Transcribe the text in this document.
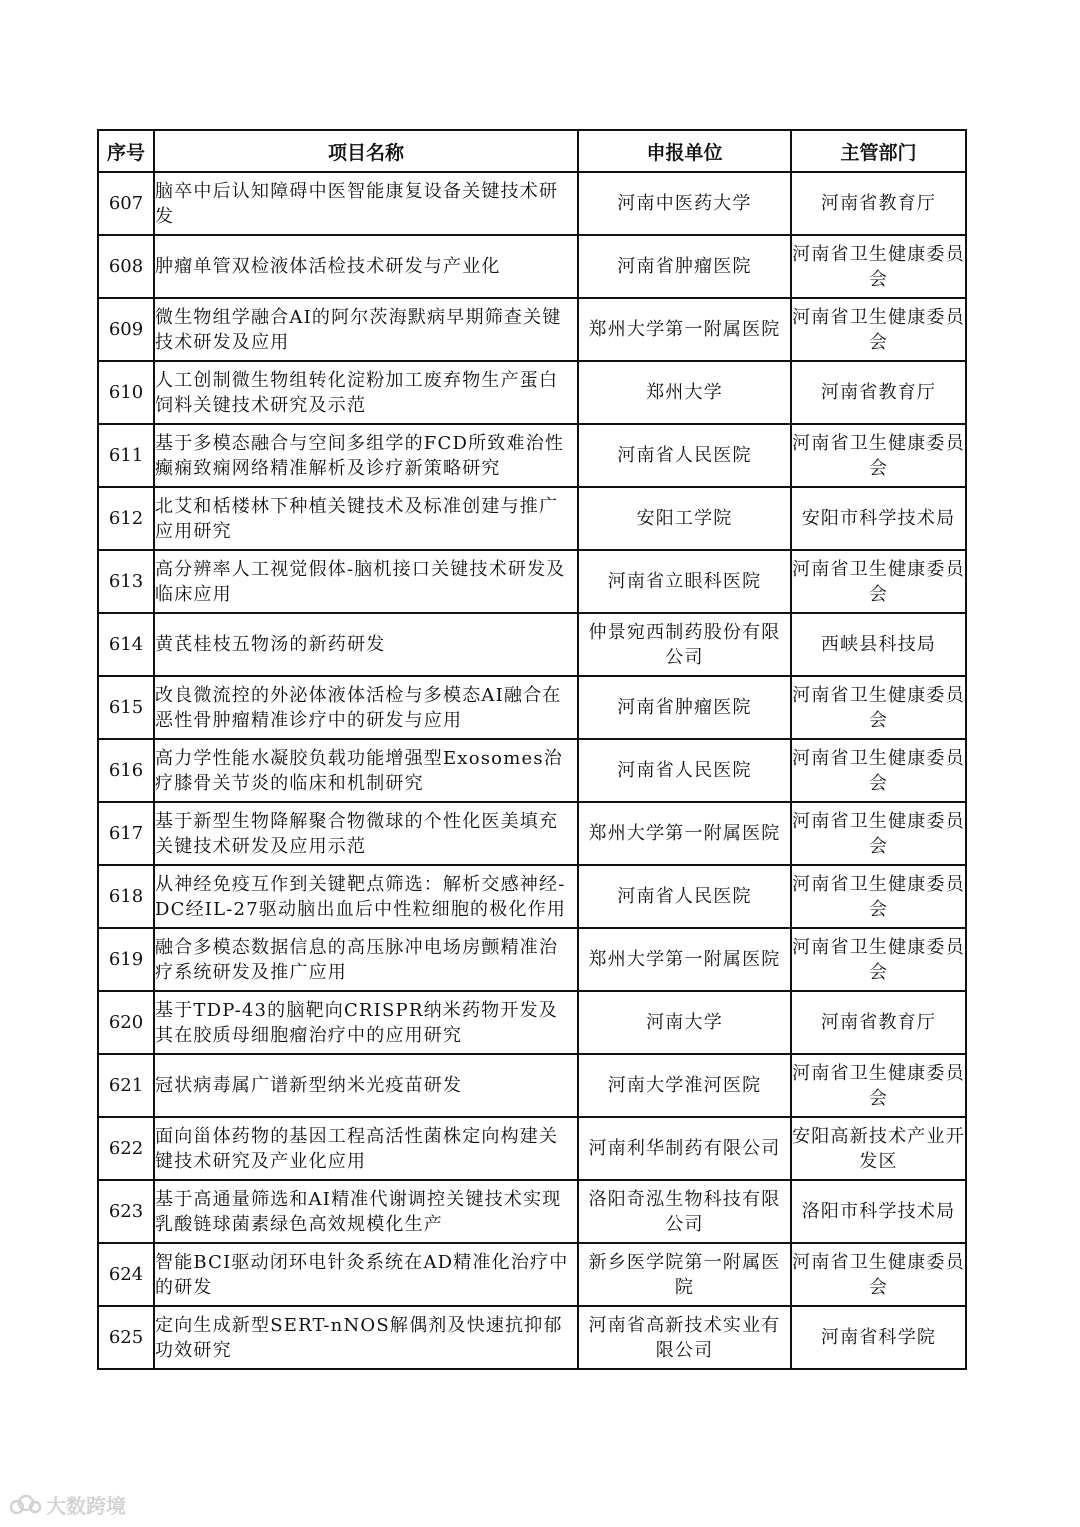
序号	项目名称	申报单位	主管部门
607	脑卒中后认知障碍中医智能康复设备关键技术研发	河南中医药大学	河南省教育厅
608	肿瘤单管双检液体活检技术研发与产业化	河南省肿瘤医院	河南省卫生健康委员会
609	微生物组学融合AI的阿尔茨海默病早期筛查关键技术研发及应用	郑州大学第一附属医院	河南省卫生健康委员会
610	人工创制微生物组转化淀粉加工废弃物生产蛋白饲料关键技术研究及示范	郑州大学	河南省教育厅
611	基于多模态融合与空间多组学的FCD所致难治性癫痫致痫网络精准解析及诊疗新策略研究	河南省人民医院	河南省卫生健康委员会
612	北艾和栝楼林下种植关键技术及标准创建与推广应用研究	安阳工学院	安阳市科学技术局
613	高分辨率人工视觉假体-脑机接口关键技术研发及临床应用	河南省立眼科医院	河南省卫生健康委员会
614	黄芪桂枝五物汤的新药研发	仲景宛西制药股份有限公司	西峡县科技局
615	改良微流控的外泌体液体活检与多模态AI融合在恶性骨肿瘤精准诊疗中的研发与应用	河南省肿瘤医院	河南省卫生健康委员会
616	高力学性能水凝胶负载功能增强型Exosomes治疗膝骨关节炎的临床和机制研究	河南省人民医院	河南省卫生健康委员会
617	基于新型生物降解聚合物微球的个性化医美填充关键技术研发及应用示范	郑州大学第一附属医院	河南省卫生健康委员会
618	从神经免疫互作到关键靶点筛选：解析交感神经-DC经IL-27驱动脑出血后中性粒细胞的极化作用	河南省人民医院	河南省卫生健康委员会
619	融合多模态数据信息的高压脉冲电场房颤精准治疗系统研发及推广应用	郑州大学第一附属医院	河南省卫生健康委员会
620	基于TDP-43的脑靶向CRISPR纳米药物开发及其在胶质母细胞瘤治疗中的应用研究	河南大学	河南省教育厅
621	冠状病毒属广谱新型纳米光疫苗研发	河南大学淮河医院	河南省卫生健康委员会
622	面向甾体药物的基因工程高活性菌株定向构建关键技术研究及产业化应用	河南利华制药有限公司	安阳高新技术产业开发区
623	基于高通量筛选和AI精准代谢调控关键技术实现乳酸链球菌素绿色高效规模化生产	洛阳奇泓生物科技有限公司	洛阳市科学技术局
624	智能BCI驱动闭环电针灸系统在AD精准化治疗中的研发	新乡医学院第一附属医院	河南省卫生健康委员会
625	定向生成新型SERT-nNOS解偶剂及快速抗抑郁功效研究	河南省高新技术实业有限公司	河南省科学院
大数跨境
